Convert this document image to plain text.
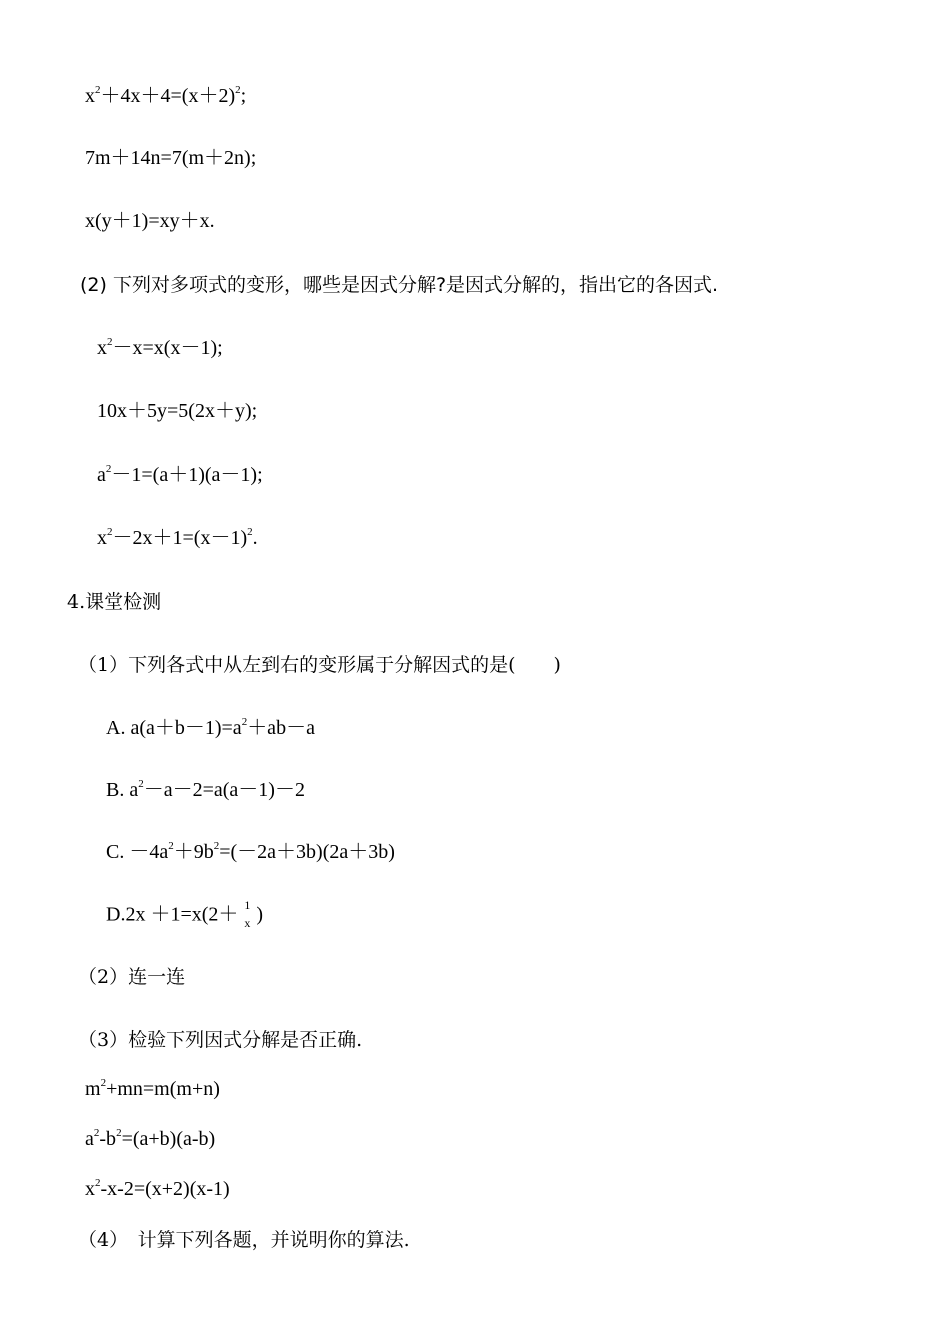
$x^2+4x+4=(x+2)^2$;
7m＋14n=7(m＋2n);
x(y＋1)=xy＋x.
(2) 下列对多项式的变形，哪些是因式分解?是因式分解的，指出它的各因式.
$x^2-x=x(x-1)$;
10x＋5y=5(2x＋y);
$a^2-1=(a+1)(a-1)$;
$x^2-2x+1=(x-1)^2$.
4.课堂检测
（1）下列各式中从左到右的变形属于分解因式的是(　　)
A. $a(a+b-1)=a^2+ab-a$
B. $a^2-a-2=a(a-1)-2$
C. $-4a^2+9b^2=(-2a+3b)(2a+3b)$
D.2x ＋1=x(2＋ 1
x )
（2）连一连
（3）检验下列因式分解是否正确.
$m^2+mn=m(m+n)$
$a^2-b^2=(a+b)(a-b)$
$x^2-x-2=(x+2)(x-1)$
（4）　计算下列各题，并说明你的算法.
